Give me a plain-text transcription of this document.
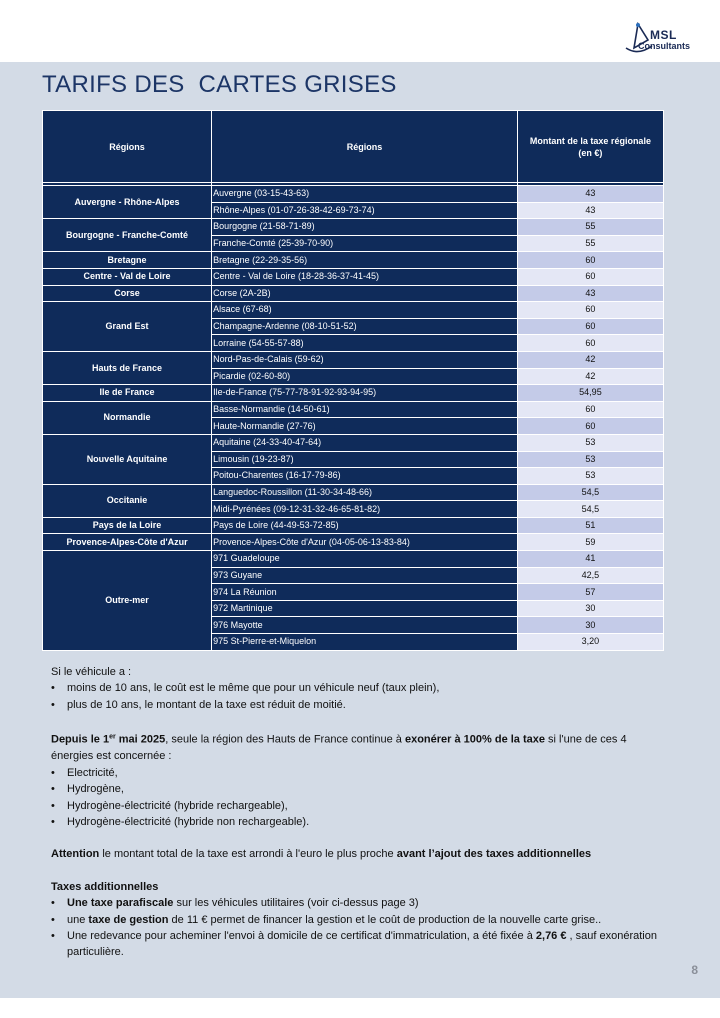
MSL
Consultants
TARIFS DES  CARTES GRISES
Régions	Régions	Montant de la taxe régionale (en €)

Auvergne - Rhône-Alpes	Auvergne (03-15-43-63)	43
	Rhône-Alpes (01-07-26-38-42-69-73-74)	43
Bourgogne - Franche-Comté	Bourgogne (21-58-71-89)	55
	Franche-Comté (25-39-70-90)	55
Bretagne	Bretagne (22-29-35-56)	60
Centre - Val de Loire	Centre - Val de Loire (18-28-36-37-41-45)	60
Corse	Corse (2A-2B)	43
Grand Est	Alsace (67-68)	60
	Champagne-Ardenne (08-10-51-52)	60
	Lorraine (54-55-57-88)	60
Hauts de France	Nord-Pas-de-Calais (59-62)	42
	Picardie (02-60-80)	42
Ile de France	Ile-de-France (75-77-78-91-92-93-94-95)	54,95
Normandie	Basse-Normandie (14-50-61)	60
	Haute-Normandie (27-76)	60
Nouvelle Aquitaine	Aquitaine (24-33-40-47-64)	53
	Limousin (19-23-87)	53
	Poitou-Charentes (16-17-79-86)	53
Occitanie	Languedoc-Roussillon (11-30-34-48-66)	54,5
	Midi-Pyrénées (09-12-31-32-46-65-81-82)	54,5
Pays de la Loire	Pays de Loire (44-49-53-72-85)	51
Provence-Alpes-Côte d'Azur	Provence-Alpes-Côte d'Azur (04-05-06-13-83-84)	59
Outre-mer	971 Guadeloupe	41
	973 Guyane	42,5
	974 La Réunion	57
	972 Martinique	30
	976 Mayotte	30
	975 St-Pierre-et-Miquelon	3,20

Si le véhicule a :

• moins de 10 ans, le coût est le même que pour un véhicule neuf (taux plein),
• plus de 10 ans, le montant de la taxe est réduit de moitié.

Depuis le 1er mai 2025, seule la région des Hauts de France continue à exonérer à 100% de la taxe si l'une de ces 4 énergies est concernée :

• Electricité,
• Hydrogène,
• Hydrogène-électricité (hybride rechargeable),
• Hydrogène-électricité (hybride non rechargeable).

Attention le montant total de la taxe est arrondi à l'euro le plus proche avant l’ajout des taxes additionnelles

Taxes additionnelles

• Une taxe parafiscale sur les véhicules utilitaires (voir ci-dessus page 3)
• une taxe de gestion de 11 € permet de financer la gestion et le coût de production de la nouvelle carte grise..
• Une redevance pour acheminer l'envoi à domicile de ce certificat d'immatriculation, a été fixée à 2,76 € , sauf exonération particulière.
8
